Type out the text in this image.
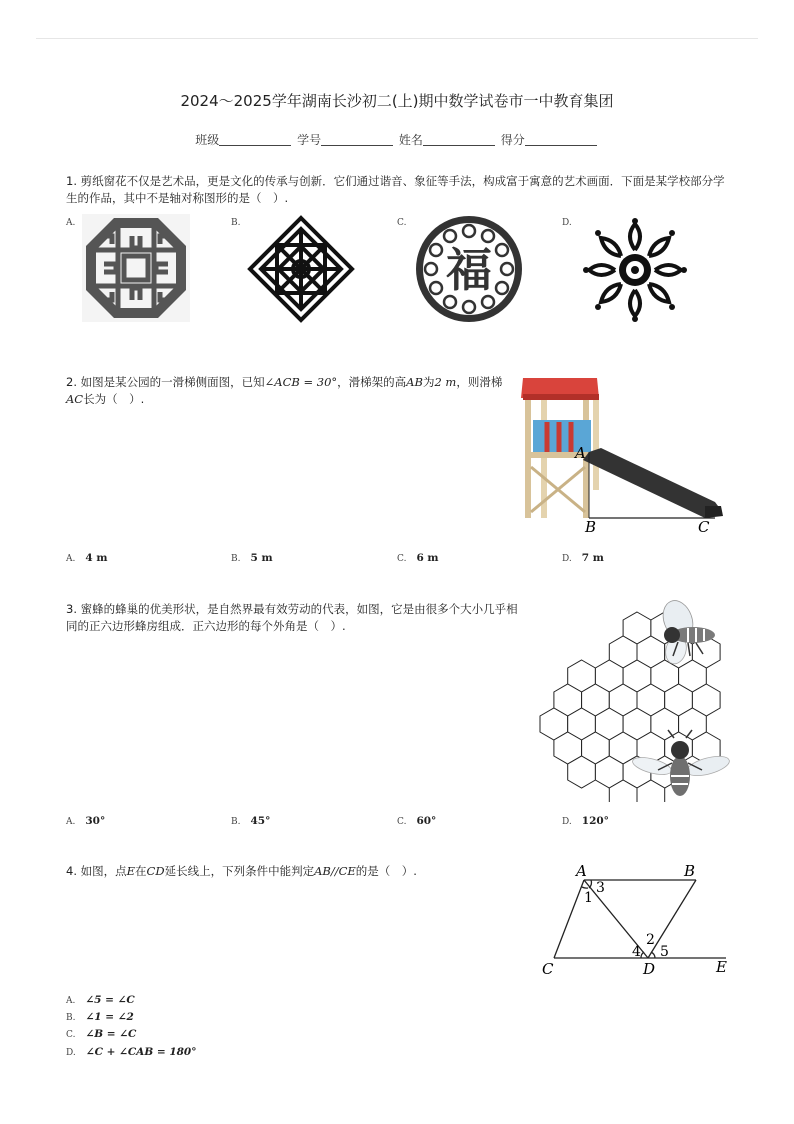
2024～2025学年湖南长沙初二(上)期中数学试卷市一中教育集团
班级	学号	姓名	得分
1. 剪纸窗花不仅是艺术品，更是文化的传承与创新．它们通过谐音、象征等手法，构成富于寓意的艺术画面．下面是某学校部分学生的作品，其中不是轴对称图形的是（　）.
A.	B.	C.	D.
福
2. 如图是某公园的一滑梯侧面图，已知∠ACB = 30°，滑梯架的高AB为2 m，则滑梯AC长为（　）.
A
B	C
A. 4 m	B. 5 m	C. 6 m	D. 7 m
3. 蜜蜂的蜂巢的优美形状，是自然界最有效劳动的代表，如图，它是由很多个大小几乎相同的正六边形蜂房组成．正六边形的每个外角是（　）.
A. 30°	B. 45°	C. 60°	D. 120°
4. 如图，点E在CD延长线上，下列条件中能判定AB//CE的是（　）.	A	B
C	D	E
1
2
3
4 5
A. ∠5 = ∠C
B. ∠1 = ∠2
C. ∠B = ∠C
D. ∠C + ∠CAB = 180°
